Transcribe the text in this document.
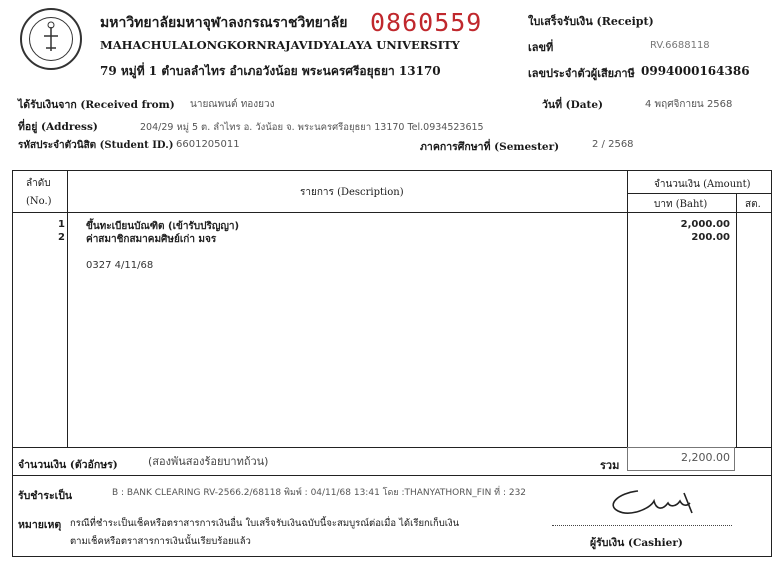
มหาวิทยาลัยมหาจุฬาลงกรณราชวิทยาลัย 0860559
MAHACHULALONGKORNRAJAVIDYALAYA UNIVERSITY
79 หมู่ที่ 1 ตำบลลำไทร อำเภอวังน้อย พระนครศรีอยุธยา 13170
ใบเสร็จรับเงิน (Receipt)
เลขที่	RV.6688118
เลขประจำตัวผู้เสียภาษี 0994000164386
ได้รับเงินจาก (Received from) นายณพนต์ ทองยวง	วันที่ (Date)	4 พฤศจิกายน 2568
ที่อยู่ (Address)	204/29 หมู่ 5 ต. ลำไทร อ. วังน้อย จ. พระนครศรีอยุธยา 13170 Tel.0934523615
รหัสประจำตัวนิสิต (Student ID.) 6601205011	ภาคการศึกษาที่ (Semester)	2 / 2568
ลำดับ
(No.)
รายการ (Description)
จำนวนเงิน (Amount)
บาท (Baht)	สต.
1 ขึ้นทะเบียนบัณฑิต (เข้ารับปริญญา)	2,000.00
2 ค่าสมาชิกสมาคมศิษย์เก่า มจร	200.00
0327 4/11/68
จำนวนเงิน (ตัวอักษร)	(สองพันสองร้อยบาทถ้วน)	รวม
2,200.00
รับชำระเป็น	B : BANK CLEARING RV-2566.2/68118 พิมพ์ : 04/11/68 13:41 โดย :THANYATHORN_FIN ที่ : 232
หมายเหตุ กรณีที่ชำระเป็นเช็คหรือตราสารการเงินอื่น ใบเสร็จรับเงินฉบับนี้จะสมบูรณ์ต่อเมื่อ ได้เรียกเก็บเงิน
ตามเช็คหรือตราสารการเงินนั้นเรียบร้อยแล้ว	ผู้รับเงิน (Cashier)
